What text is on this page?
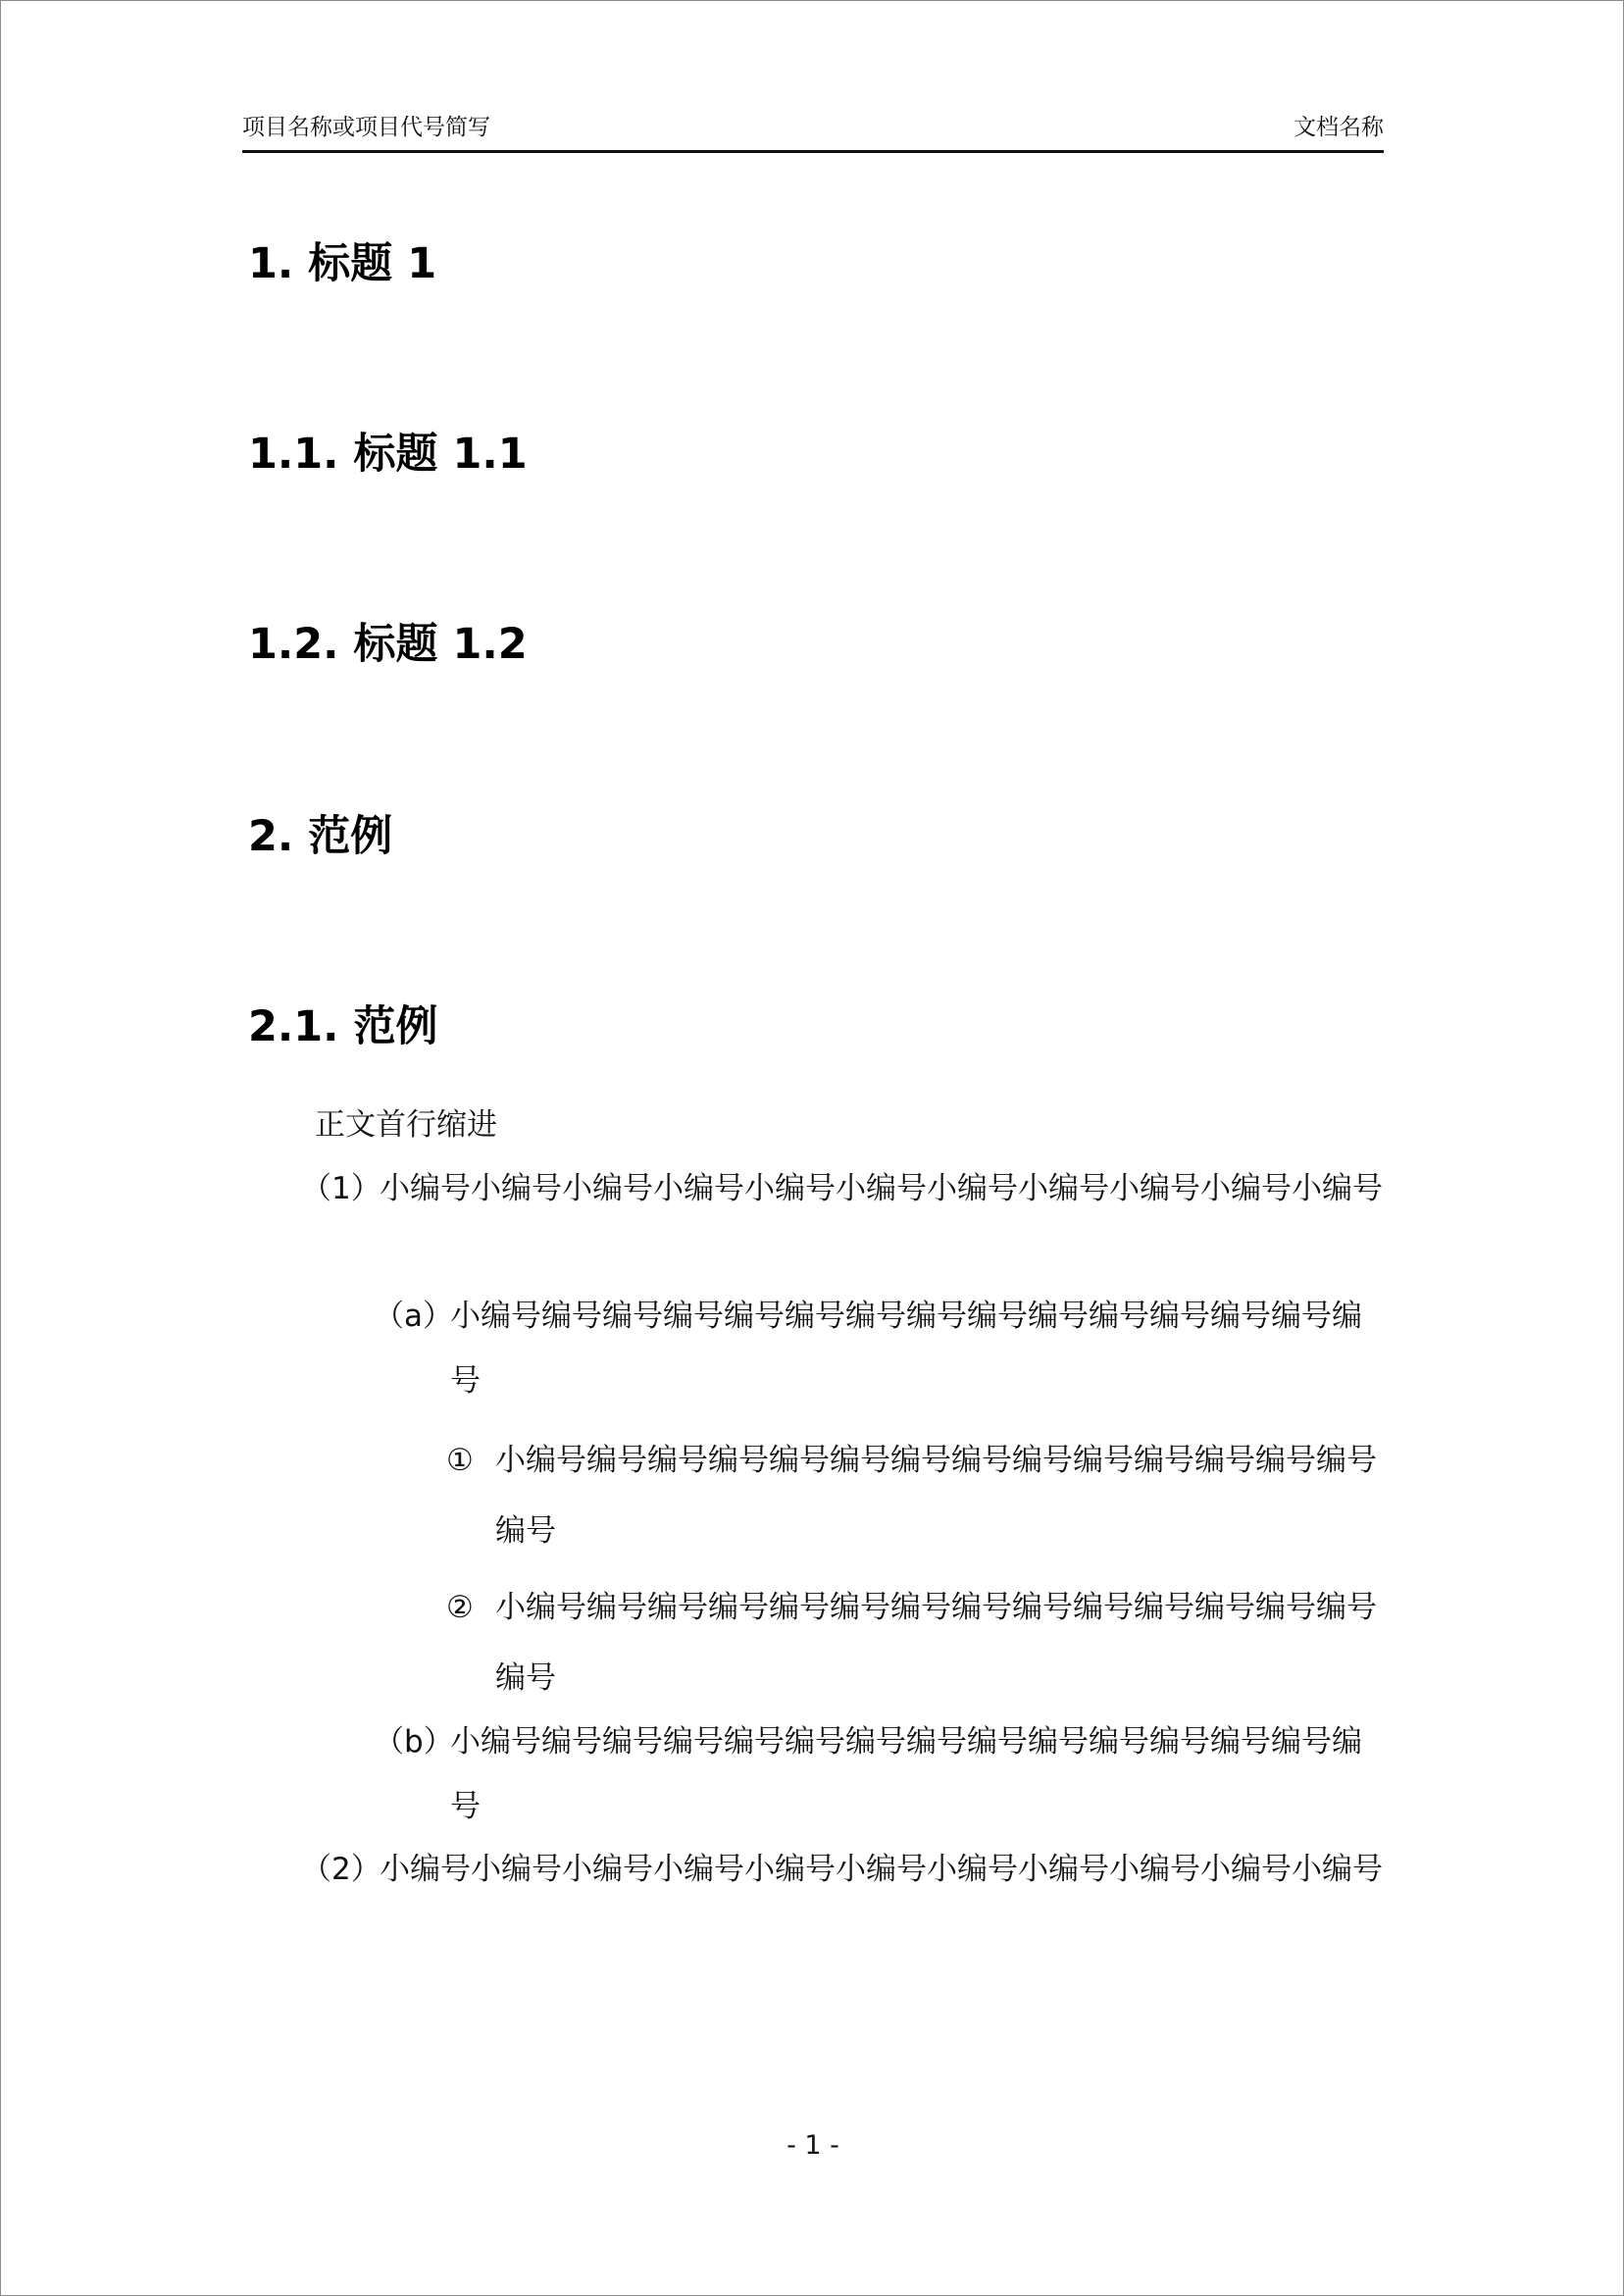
项目名称或项目代号简写	文档名称
1. 标题 1
1.1. 标题 1.1
1.2. 标题 1.2
2. 范例
2.1. 范例

正文首行缩进

（1）
小编号小编号小编号小编号小编号小编号小编号小编号小编号小编号小编号
（a）
小编号编号编号编号编号编号编号编号编号编号编号编号编号编号编号
① 小编号编号编号编号编号编号编号编号编号编号编号编号编号编号编号
② 小编号编号编号编号编号编号编号编号编号编号编号编号编号编号编号
（b）
小编号编号编号编号编号编号编号编号编号编号编号编号编号编号编号
（2）
小编号小编号小编号小编号小编号小编号小编号小编号小编号小编号小编号
- 1 -
